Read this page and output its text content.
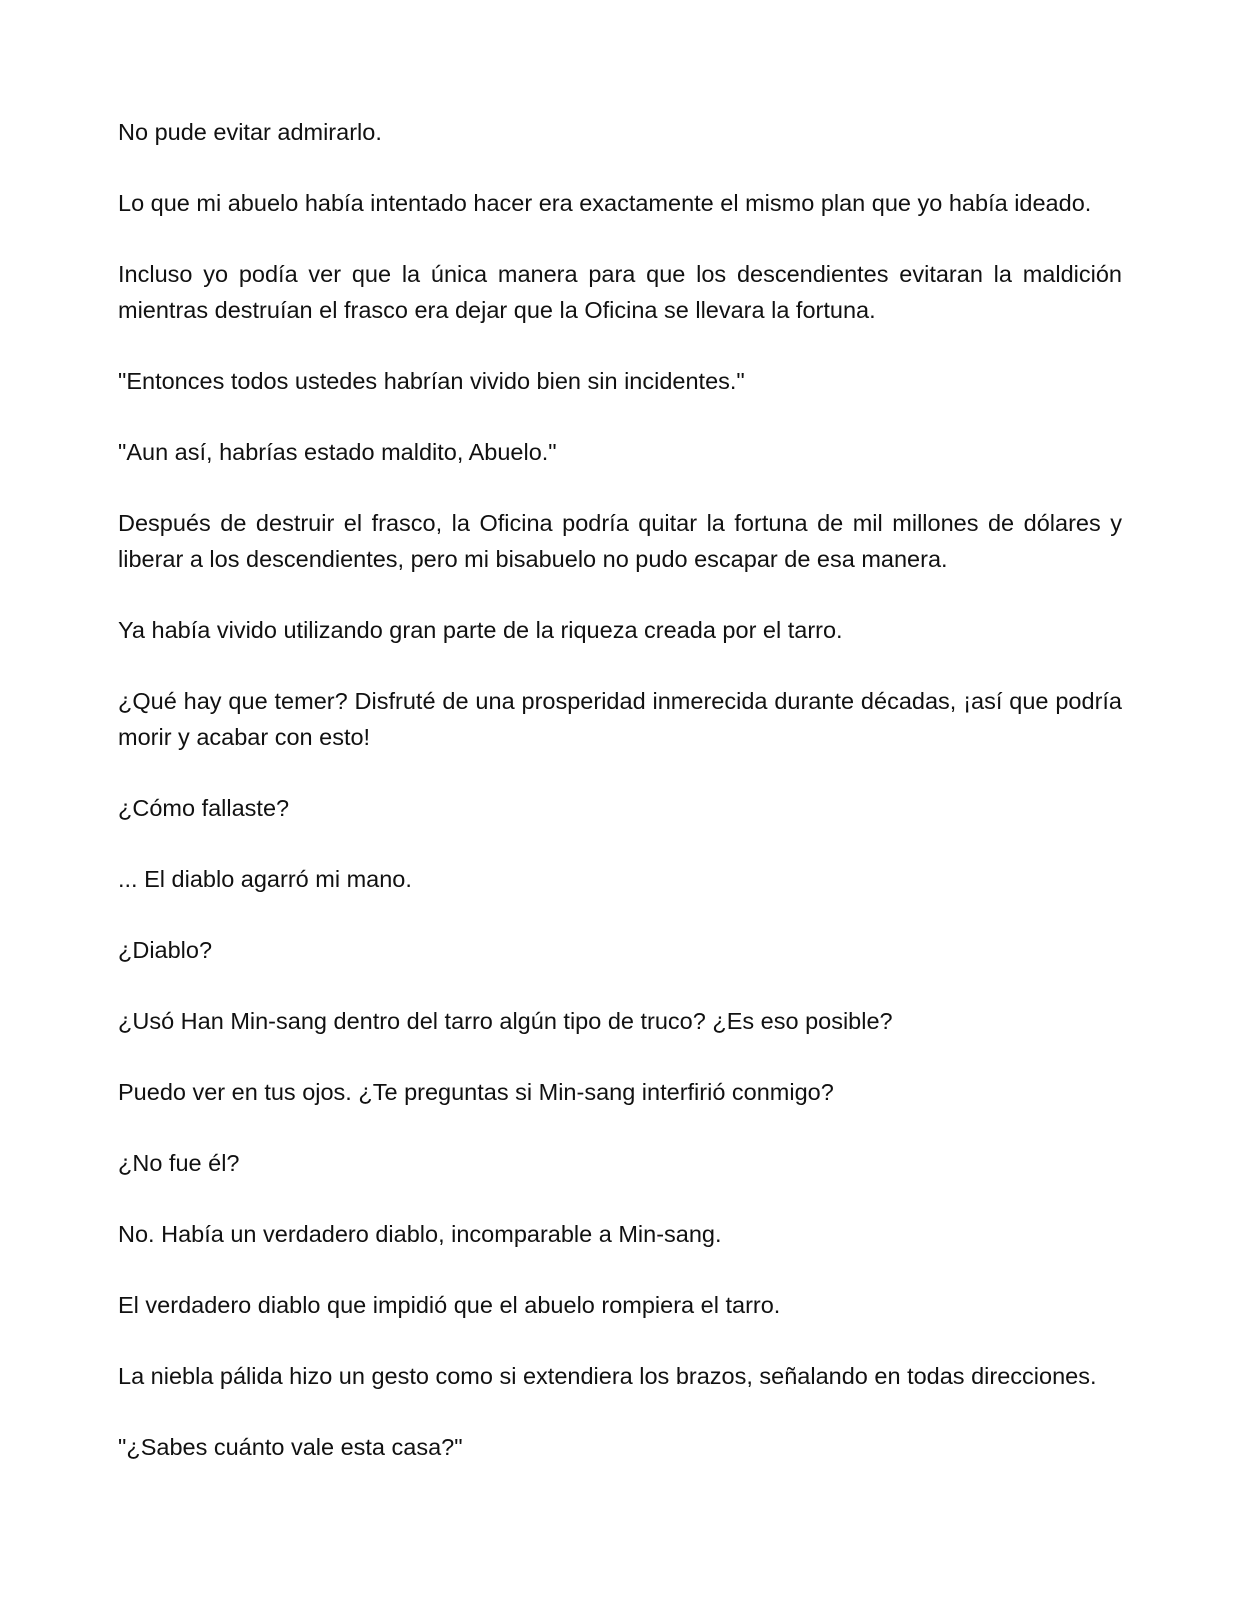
No pude evitar admirarlo.

Lo que mi abuelo había intentado hacer era exactamente el mismo plan que yo había ideado.

Incluso yo podía ver que la única manera para que los descendientes evitaran la maldición mientras destruían el frasco era dejar que la Oficina se llevara la fortuna.

"Entonces todos ustedes habrían vivido bien sin incidentes."

"Aun así, habrías estado maldito, Abuelo."

Después de destruir el frasco, la Oficina podría quitar la fortuna de mil millones de dólares y liberar a los descendientes, pero mi bisabuelo no pudo escapar de esa manera.

Ya había vivido utilizando gran parte de la riqueza creada por el tarro.

¿Qué hay que temer? Disfruté de una prosperidad inmerecida durante décadas, ¡así que podría morir y acabar con esto!

¿Cómo fallaste?

... El diablo agarró mi mano.

¿Diablo?

¿Usó Han Min-sang dentro del tarro algún tipo de truco? ¿Es eso posible?

Puedo ver en tus ojos. ¿Te preguntas si Min-sang interfirió conmigo?

¿No fue él?

No. Había un verdadero diablo, incomparable a Min-sang.

El verdadero diablo que impidió que el abuelo rompiera el tarro.

La niebla pálida hizo un gesto como si extendiera los brazos, señalando en todas direcciones.

"¿Sabes cuánto vale esta casa?"
